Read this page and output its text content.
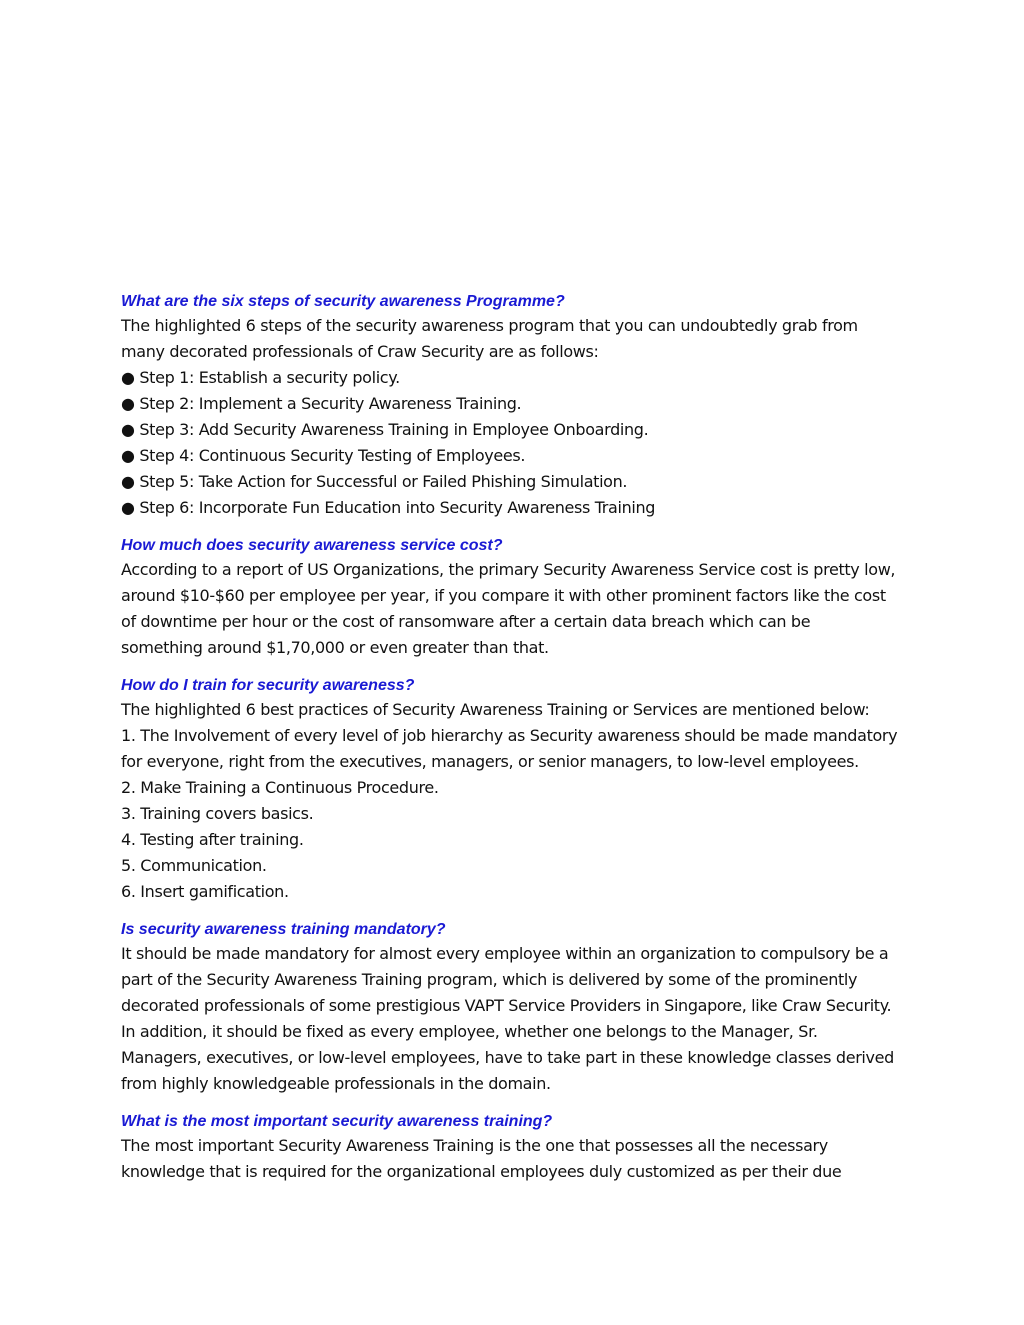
What are the six steps of security awareness Programme?

The highlighted 6 steps of the security awareness program that you can undoubtedly grab from

many decorated professionals of Craw Security are as follows:

● Step 1: Establish a security policy.

● Step 2: Implement a Security Awareness Training.

● Step 3: Add Security Awareness Training in Employee Onboarding.

● Step 4: Continuous Security Testing of Employees.

● Step 5: Take Action for Successful or Failed Phishing Simulation.

● Step 6: Incorporate Fun Education into Security Awareness Training

How much does security awareness service cost?

According to a report of US Organizations, the primary Security Awareness Service cost is pretty low,

around $10-$60 per employee per year, if you compare it with other prominent factors like the cost

of downtime per hour or the cost of ransomware after a certain data breach which can be

something around $1,70,000 or even greater than that.

How do I train for security awareness?

The highlighted 6 best practices of Security Awareness Training or Services are mentioned below:

1. The Involvement of every level of job hierarchy as Security awareness should be made mandatory

for everyone, right from the executives, managers, or senior managers, to low-level employees.

2. Make Training a Continuous Procedure.

3. Training covers basics.

4. Testing after training.

5. Communication.

6. Insert gamification.

Is security awareness training mandatory?

It should be made mandatory for almost every employee within an organization to compulsory be a

part of the Security Awareness Training program, which is delivered by some of the prominently

decorated professionals of some prestigious VAPT Service Providers in Singapore, like Craw Security.

In addition, it should be fixed as every employee, whether one belongs to the Manager, Sr.

Managers, executives, or low-level employees, have to take part in these knowledge classes derived

from highly knowledgeable professionals in the domain.

What is the most important security awareness training?

The most important Security Awareness Training is the one that possesses all the necessary

knowledge that is required for the organizational employees duly customized as per their due
